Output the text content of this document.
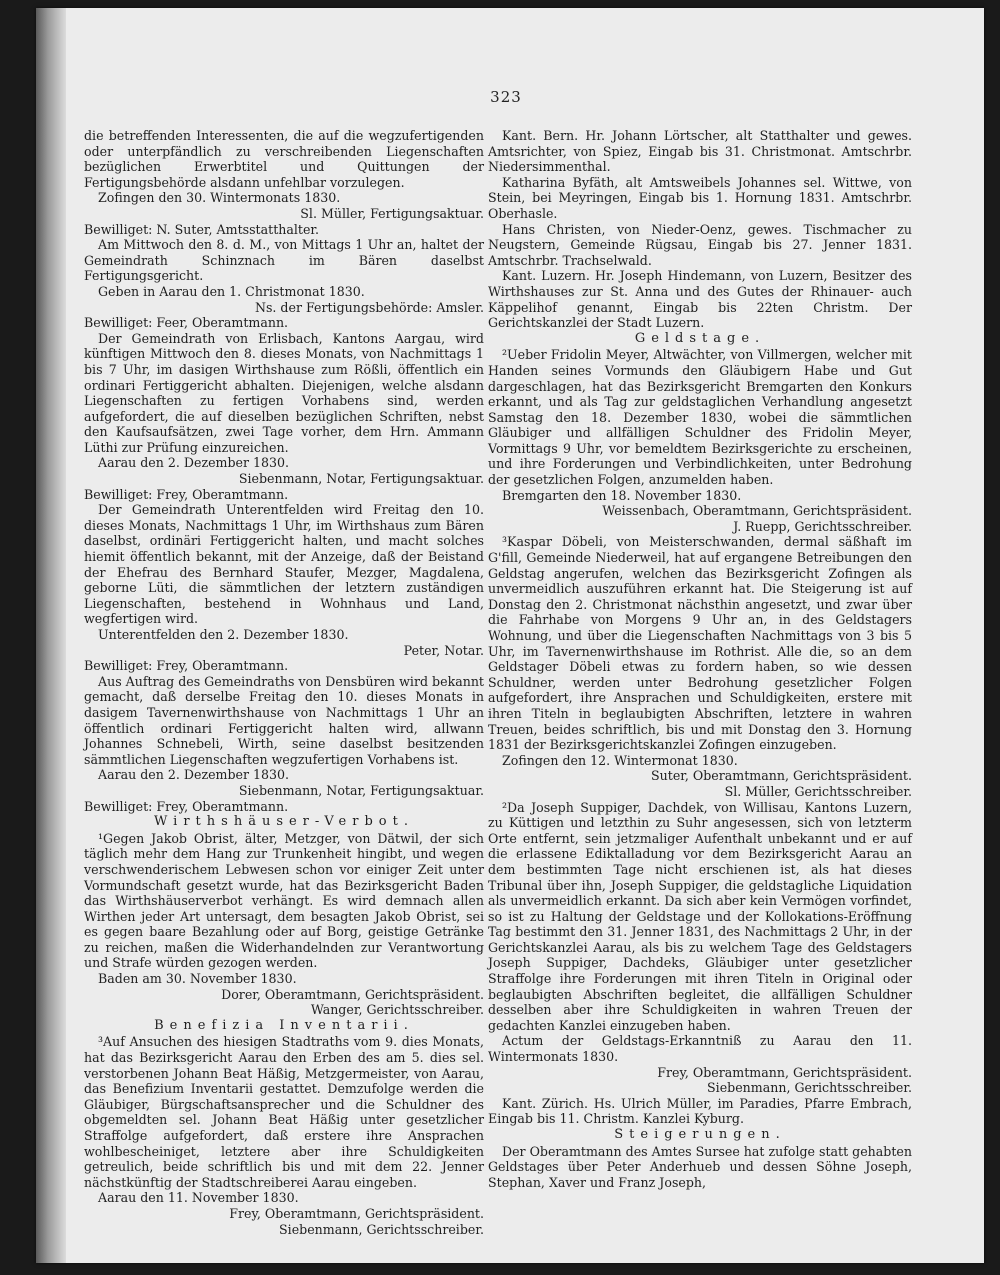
323

die betreffenden Interessenten, die auf die wegzufertigenden oder unterpfändlich zu verschreibenden Liegenschaften bezüglichen Erwerbtitel und Quittungen der Fertigungsbehörde alsdann unfehlbar vorzulegen.

Zofingen den 30. Wintermonats 1830.

Sl. Müller, Fertigungsaktuar.

Bewilliget: N. Suter, Amtsstatthalter.

Am Mittwoch den 8. d. M., von Mittags 1 Uhr an, haltet der Gemeindrath Schinznach im Bären daselbst Fertigungsgericht.

Geben in Aarau den 1. Christmonat 1830.

Ns. der Fertigungsbehörde: Amsler.

Bewilliget: Feer, Oberamtmann.

Der Gemeindrath von Erlisbach, Kantons Aargau, wird künftigen Mittwoch den 8. dieses Monats, von Nachmittags 1 bis 7 Uhr, im dasigen Wirthshause zum Rößli, öffentlich ein ordinari Fertiggericht abhalten. Diejenigen, welche alsdann Liegenschaften zu fertigen Vorhabens sind, werden aufgefordert, die auf dieselben bezüglichen Schriften, nebst den Kaufsaufsätzen, zwei Tage vorher, dem Hrn. Ammann Lüthi zur Prüfung einzureichen.

Aarau den 2. Dezember 1830.

Siebenmann, Notar, Fertigungsaktuar.

Bewilliget: Frey, Oberamtmann.

Der Gemeindrath Unterentfelden wird Freitag den 10. dieses Monats, Nachmittags 1 Uhr, im Wirthshaus zum Bären daselbst, ordinäri Fertiggericht halten, und macht solches hiemit öffentlich bekannt, mit der Anzeige, daß der Beistand der Ehefrau des Bernhard Staufer, Mezger, Magdalena, geborne Lüti, die sämmtlichen der letztern zuständigen Liegenschaften, bestehend in Wohnhaus und Land, wegfertigen wird.

Unterentfelden den 2. Dezember 1830.

Peter, Notar.

Bewilliget: Frey, Oberamtmann.

Aus Auftrag des Gemeindraths von Densbüren wird bekannt gemacht, daß derselbe Freitag den 10. dieses Monats in dasigem Tavernenwirthshause von Nachmittags 1 Uhr an öffentlich ordinari Fertiggericht halten wird, allwann Johannes Schnebeli, Wirth, seine daselbst besitzenden sämmtlichen Liegenschaften wegzufertigen Vorhabens ist.

Aarau den 2. Dezember 1830.

Siebenmann, Notar, Fertigungsaktuar.

Bewilliget: Frey, Oberamtmann.

Wirthshäuser-Verbot.

¹Gegen Jakob Obrist, älter, Metzger, von Dätwil, der sich täglich mehr dem Hang zur Trunkenheit hingibt, und wegen verschwenderischem Lebwesen schon vor einiger Zeit unter Vormundschaft gesetzt wurde, hat das Bezirksgericht Baden das Wirthshäuserverbot verhängt. Es wird demnach allen Wirthen jeder Art untersagt, dem besagten Jakob Obrist, sei es gegen baare Bezahlung oder auf Borg, geistige Getränke zu reichen, maßen die Widerhandelnden zur Verantwortung und Strafe würden gezogen werden.

Baden am 30. November 1830.

Dorer, Oberamtmann, Gerichtspräsident.

Wanger, Gerichtsschreiber.

Benefizia Inventarii.

³Auf Ansuchen des hiesigen Stadtraths vom 9. dies Monats, hat das Bezirksgericht Aarau den Erben des am 5. dies sel. verstorbenen Johann Beat Häßig, Metzgermeister, von Aarau, das Benefizium Inventarii gestattet. Demzufolge werden die Gläubiger, Bürgschaftsansprecher und die Schuldner des obgemeldten sel. Johann Beat Häßig unter gesetzlicher Straffolge aufgefordert, daß erstere ihre Ansprachen wohlbescheiniget, letztere aber ihre Schuldigkeiten getreulich, beide schriftlich bis und mit dem 22. Jenner nächstkünftig der Stadtschreiberei Aarau eingeben.

Aarau den 11. November 1830.

Frey, Oberamtmann, Gerichtspräsident.

Siebenmann, Gerichtsschreiber.

Kant. Bern. Hr. Johann Lörtscher, alt Statthalter und gewes. Amtsrichter, von Spiez, Eingab bis 31. Christmonat. Amtschrbr. Niedersimmenthal.

Katharina Byfäth, alt Amtsweibels Johannes sel. Wittwe, von Stein, bei Meyringen, Eingab bis 1. Hornung 1831. Amtschrbr. Oberhasle.

Hans Christen, von Nieder-Oenz, gewes. Tischmacher zu Neugstern, Gemeinde Rügsau, Eingab bis 27. Jenner 1831. Amtschrbr. Trachselwald.

Kant. Luzern. Hr. Joseph Hindemann, von Luzern, Besitzer des Wirthshauses zur St. Anna und des Gutes der Rhinauer- auch Käppelihof genannt, Eingab bis 22ten Christm. Der Gerichtskanzlei der Stadt Luzern.

Geldstage.

²Ueber Fridolin Meyer, Altwächter, von Villmergen, welcher mit Handen seines Vormunds den Gläubigern Habe und Gut dargeschlagen, hat das Bezirksgericht Bremgarten den Konkurs erkannt, und als Tag zur geldstaglichen Verhandlung angesetzt Samstag den 18. Dezember 1830, wobei die sämmtlichen Gläubiger und allfälligen Schuldner des Fridolin Meyer, Vormittags 9 Uhr, vor bemeldtem Bezirksgerichte zu erscheinen, und ihre Forderungen und Verbindlichkeiten, unter Bedrohung der gesetzlichen Folgen, anzumelden haben.

Bremgarten den 18. November 1830.

Weissenbach, Oberamtmann, Gerichtspräsident.

J. Ruepp, Gerichtsschreiber.

³Kaspar Döbeli, von Meisterschwanden, dermal säßhaft im G'fill, Gemeinde Niederweil, hat auf ergangene Betreibungen den Geldstag angerufen, welchen das Bezirksgericht Zofingen als unvermeidlich auszuführen erkannt hat. Die Steigerung ist auf Donstag den 2. Christmonat nächsthin angesetzt, und zwar über die Fahrhabe von Morgens 9 Uhr an, in des Geldstagers Wohnung, und über die Liegenschaften Nachmittags von 3 bis 5 Uhr, im Tavernenwirthshause im Rothrist. Alle die, so an dem Geldstager Döbeli etwas zu fordern haben, so wie dessen Schuldner, werden unter Bedrohung gesetzlicher Folgen aufgefordert, ihre Ansprachen und Schuldigkeiten, erstere mit ihren Titeln in beglaubigten Abschriften, letztere in wahren Treuen, beides schriftlich, bis und mit Donstag den 3. Hornung 1831 der Bezirksgerichtskanzlei Zofingen einzugeben.

Zofingen den 12. Wintermonat 1830.

Suter, Oberamtmann, Gerichtspräsident.

Sl. Müller, Gerichtsschreiber.

²Da Joseph Suppiger, Dachdek, von Willisau, Kantons Luzern, zu Küttigen und letzthin zu Suhr angesessen, sich von letzterm Orte entfernt, sein jetzmaliger Aufenthalt unbekannt und er auf die erlassene Ediktalladung vor dem Bezirksgericht Aarau an dem bestimmten Tage nicht erschienen ist, als hat dieses Tribunal über ihn, Joseph Suppiger, die geldstagliche Liquidation als unvermeidlich erkannt. Da sich aber kein Vermögen vorfindet, so ist zu Haltung der Geldstage und der Kollokations-Eröffnung Tag bestimmt den 31. Jenner 1831, des Nachmittags 2 Uhr, in der Gerichtskanzlei Aarau, als bis zu welchem Tage des Geldstagers Joseph Suppiger, Dachdeks, Gläubiger unter gesetzlicher Straffolge ihre Forderungen mit ihren Titeln in Original oder beglaubigten Abschriften begleitet, die allfälligen Schuldner desselben aber ihre Schuldigkeiten in wahren Treuen der gedachten Kanzlei einzugeben haben.

Actum der Geldstags-Erkanntniß zu Aarau den 11. Wintermonats 1830.

Frey, Oberamtmann, Gerichtspräsident.

Siebenmann, Gerichtsschreiber.

Kant. Zürich. Hs. Ulrich Müller, im Paradies, Pfarre Embrach, Eingab bis 11. Christm. Kanzlei Kyburg.

Steigerungen.

Der Oberamtmann des Amtes Sursee hat zufolge statt gehabten Geldstages über Peter Anderhueb und dessen Söhne Joseph, Stephan, Xaver und Franz Joseph,
